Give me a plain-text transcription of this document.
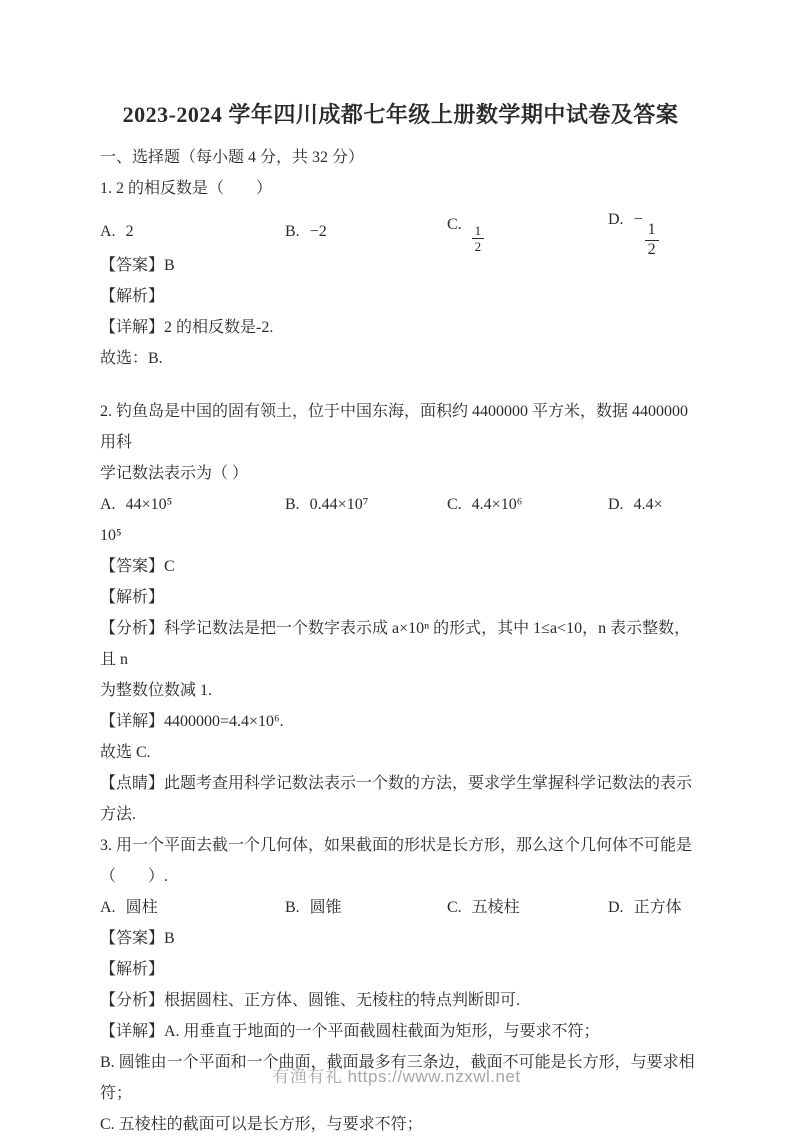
2023-2024 学年四川成都七年级上册数学期中试卷及答案
一、选择题（每小题 4 分，共 32 分）
1. 2 的相反数是（　　）
A. 2	B. −2	C. $\frac{1}{2}$
D. −
$\frac{1}{2}$
【答案】B
【解析】
【详解】2 的相反数是-2.
故选：B.
2. 钓鱼岛是中国的固有领土，位于中国东海，面积约 4400000 平方米，数据 4400000 用科
学记数法表示为（ ）
A. 44×10⁵	B. 0.44×10⁷	C. 4.4×10⁶	D. 4.4×
10⁵
【答案】C
【解析】
【分析】科学记数法是把一个数字表示成 a×10ⁿ 的形式，其中 1≤a<10，n 表示整数，且 n
为整数位数减 1.
【详解】4400000=4.4×10⁶.
故选 C.
【点睛】此题考查用科学记数法表示一个数的方法，要求学生掌握科学记数法的表示方法.
3. 用一个平面去截一个几何体，如果截面的形状是长方形，那么这个几何体不可能是
（　　）.
A. 圆柱	B. 圆锥	C. 五棱柱	D. 正方体
【答案】B
【解析】
【分析】根据圆柱、正方体、圆锥、无棱柱的特点判断即可.
【详解】A. 用垂直于地面的一个平面截圆柱截面为矩形，与要求不符；
B. 圆锥由一个平面和一个曲面，截面最多有三条边，截面不可能是长方形，与要求相符；
C. 五棱柱的截面可以是长方形，与要求不符；
有渔有礼 https://www.nzxwl.net
